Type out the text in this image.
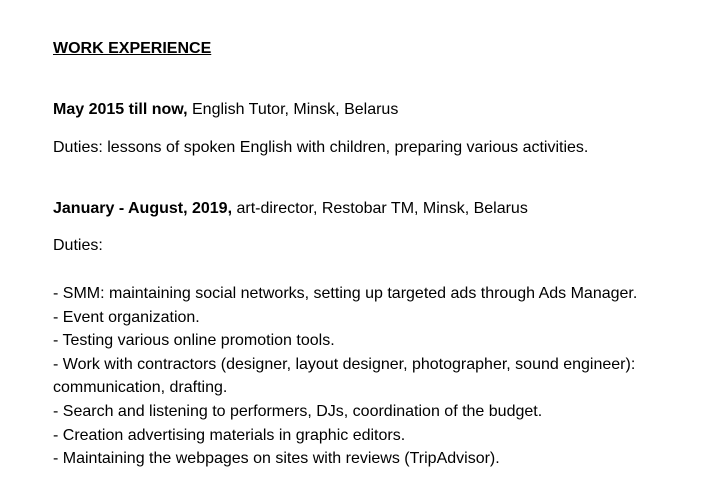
WORK EXPERIENCE
May 2015 till now, English Tutor, Minsk, Belarus
Duties: lessons of spoken English with children, preparing various activities.
January - August, 2019, art-director, Restobar TM, Minsk, Belarus
Duties:
- SMM: maintaining social networks, setting up targeted ads through Ads Manager.
- Event organization.
- Testing various online promotion tools.
- Work with contractors (designer, layout designer, photographer, sound engineer): communication, drafting.
- Search and listening to performers, DJs, coordination of the budget.
- Creation advertising materials in graphic editors.
- Maintaining the webpages on sites with reviews (TripAdvisor).
